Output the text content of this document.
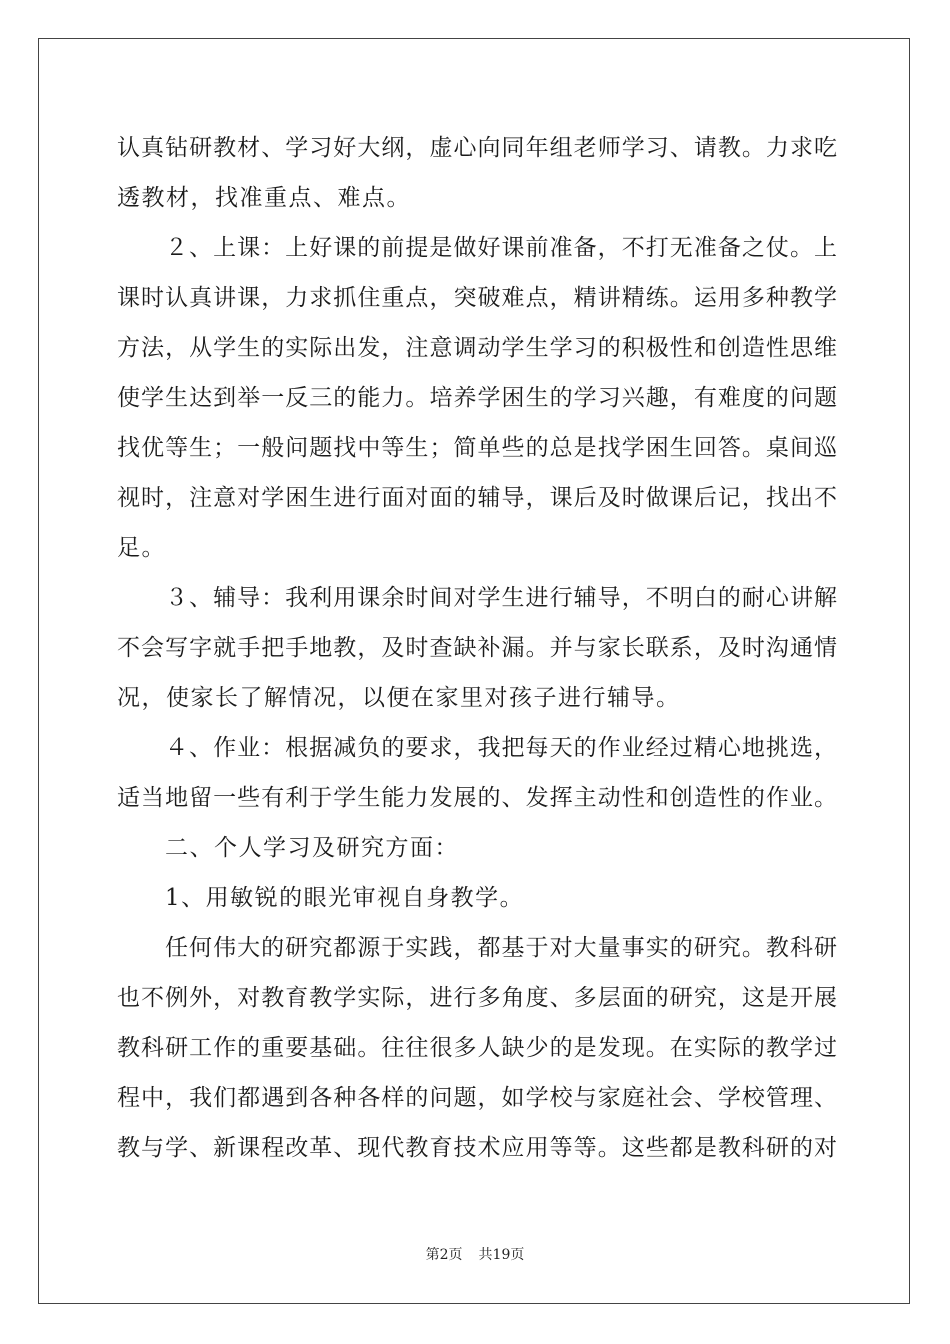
认真钻研教材、学习好大纲，虚心向同年组老师学习、请教。力求吃
透教材，找准重点、难点。
２、上课：上好课的前提是做好课前准备，不打无准备之仗。上
课时认真讲课，力求抓住重点，突破难点，精讲精练。运用多种教学
方法，从学生的实际出发，注意调动学生学习的积极性和创造性思维
使学生达到举一反三的能力。培养学困生的学习兴趣，有难度的问题
找优等生；一般问题找中等生；简单些的总是找学困生回答。桌间巡
视时，注意对学困生进行面对面的辅导，课后及时做课后记，找出不
足。
３、辅导：我利用课余时间对学生进行辅导，不明白的耐心讲解
不会写字就手把手地教，及时查缺补漏。并与家长联系，及时沟通情
况，使家长了解情况，以便在家里对孩子进行辅导。
４、作业：根据减负的要求，我把每天的作业经过精心地挑选，
适当地留一些有利于学生能力发展的、发挥主动性和创造性的作业。
二、个人学习及研究方面：
1、用敏锐的眼光审视自身教学。
任何伟大的研究都源于实践，都基于对大量事实的研究。教科研
也不例外，对教育教学实际，进行多角度、多层面的研究，这是开展
教科研工作的重要基础。往往很多人缺少的是发现。在实际的教学过
程中，我们都遇到各种各样的问题，如学校与家庭社会、学校管理、
教与学、新课程改革、现代教育技术应用等等。这些都是教科研的对
第2页 共19页
